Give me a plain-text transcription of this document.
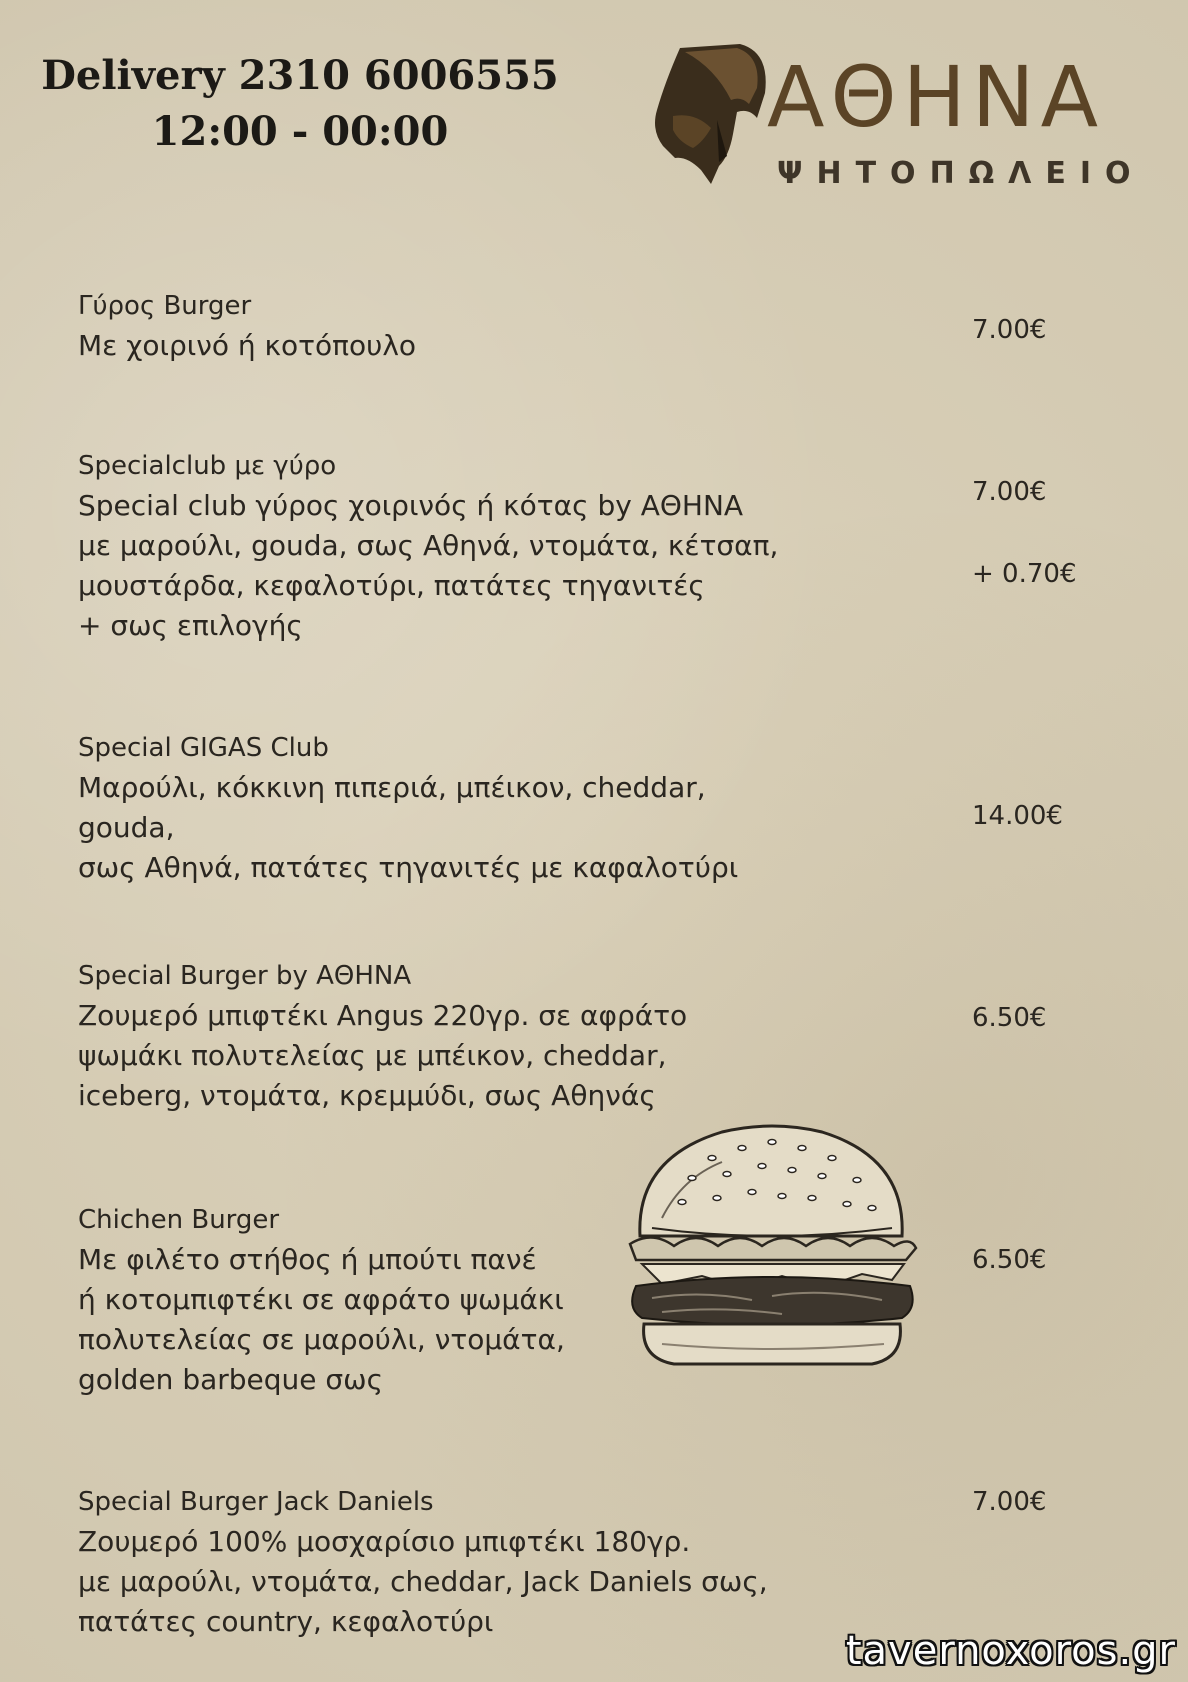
Delivery 2310 6006555
12:00 - 00:00	ΑΘΗΝΑ
ΨΗΤΟΠΩΛΕΙΟ
Γύρος Burger
Με χοιρινό ή κοτόπουλο	7.00€
Specialclub με γύρο
Special club γύρος χοιρινός ή κότας by ΑΘΗΝΑ
με μαρούλι, gouda, σως Αθηνά, ντομάτα, κέτσαπ,
μουστάρδα, κεφαλοτύρι, πατάτες τηγανιτές
+ σως επιλογής
7.00€
+ 0.70€
Special GIGAS Club
Μαρούλι, κόκκινη πιπεριά, μπέικον, cheddar,
gouda,
σως Αθηνά, πατάτες τηγανιτές με καφαλοτύρι
14.00€
Special Burger by ΑΘΗΝΑ
Ζουμερό μπιφτέκι Angus 220γρ. σε αφράτο
ψωμάκι πολυτελείας με μπέικον, cheddar,
iceberg, ντομάτα, κρεμμύδι, σως Αθηνάς
6.50€
Chichen Burger
Με φιλέτο στήθος ή μπούτι πανέ
ή κοτομπιφτέκι σε αφράτο ψωμάκι
πολυτελείας σε μαρούλι, ντομάτα,
golden barbeque σως
6.50€
Special Burger Jack Daniels
Ζουμερό 100% μοσχαρίσιο μπιφτέκι 180γρ.
με μαρούλι, ντομάτα, cheddar, Jack Daniels σως,
πατάτες country, κεφαλοτύρι
7.00€
tavernoxoros.gr
